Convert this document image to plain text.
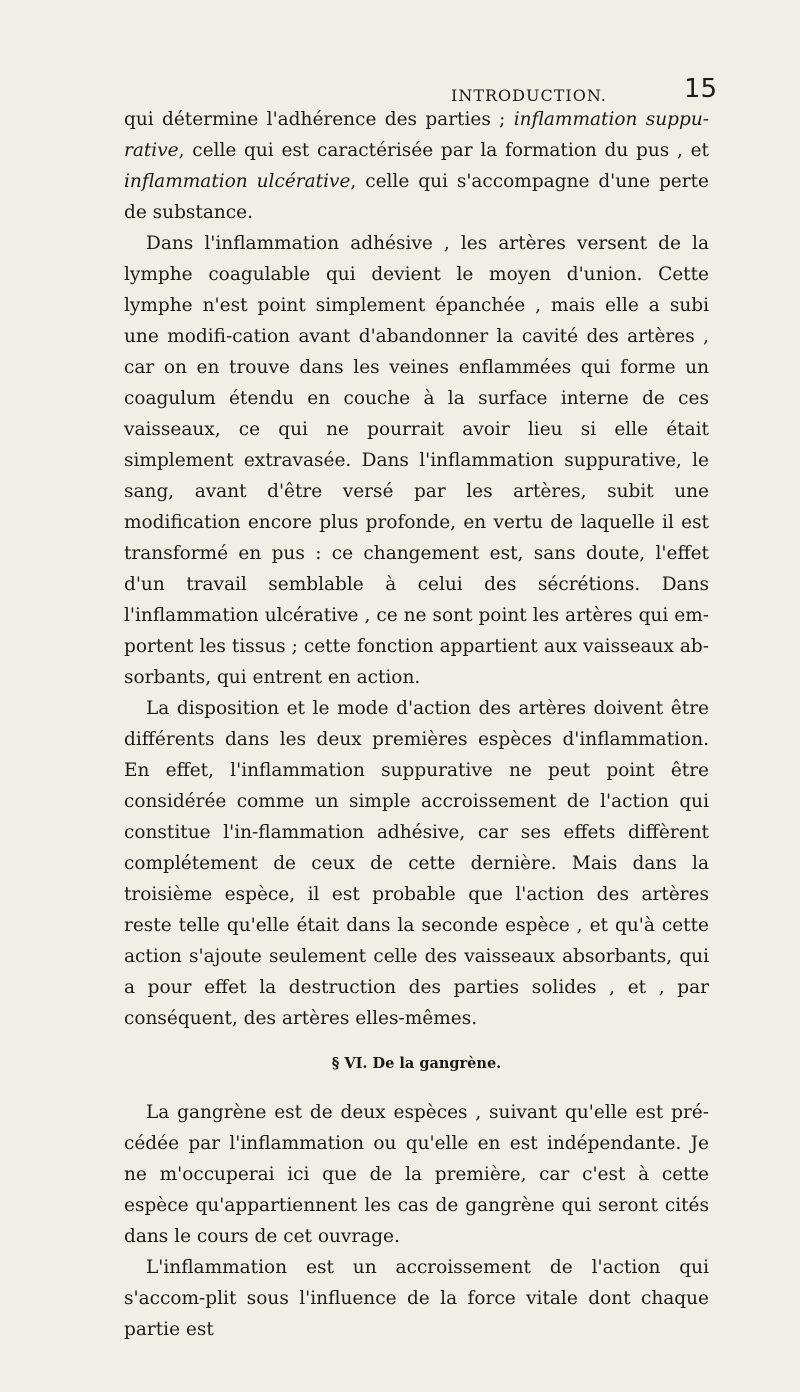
INTRODUCTION.	15

qui détermine l'adhérence des parties ; inflammation suppu-rative, celle qui est caractérisée par la formation du pus , et inflammation ulcérative, celle qui s'accompagne d'une perte de substance.

Dans l'inflammation adhésive , les artères versent de la lymphe coagulable qui devient le moyen d'union. Cette lymphe n'est point simplement épanchée , mais elle a subi une modifi-cation avant d'abandonner la cavité des artères , car on en trouve dans les veines enflammées qui forme un coagulum étendu en couche à la surface interne de ces vaisseaux, ce qui ne pourrait avoir lieu si elle était simplement extravasée. Dans l'inflammation suppurative, le sang, avant d'être versé par les artères, subit une modification encore plus profonde, en vertu de laquelle il est transformé en pus : ce changement est, sans doute, l'effet d'un travail semblable à celui des sécrétions. Dans l'inflammation ulcérative , ce ne sont point les artères qui em-portent les tissus ; cette fonction appartient aux vaisseaux ab-sorbants, qui entrent en action.

La disposition et le mode d'action des artères doivent être différents dans les deux premières espèces d'inflammation. En effet, l'inflammation suppurative ne peut point être considérée comme un simple accroissement de l'action qui constitue l'in-flammation adhésive, car ses effets diffèrent complétement de ceux de cette dernière. Mais dans la troisième espèce, il est probable que l'action des artères reste telle qu'elle était dans la seconde espèce , et qu'à cette action s'ajoute seulement celle des vaisseaux absorbants, qui a pour effet la destruction des parties solides , et , par conséquent, des artères elles-mêmes.

§ VI. De la gangrène.

La gangrène est de deux espèces , suivant qu'elle est pré-cédée par l'inflammation ou qu'elle en est indépendante. Je ne m'occuperai ici que de la première, car c'est à cette espèce qu'appartiennent les cas de gangrène qui seront cités dans le cours de cet ouvrage.

L'inflammation est un accroissement de l'action qui s'accom-plit sous l'influence de la force vitale dont chaque partie est
